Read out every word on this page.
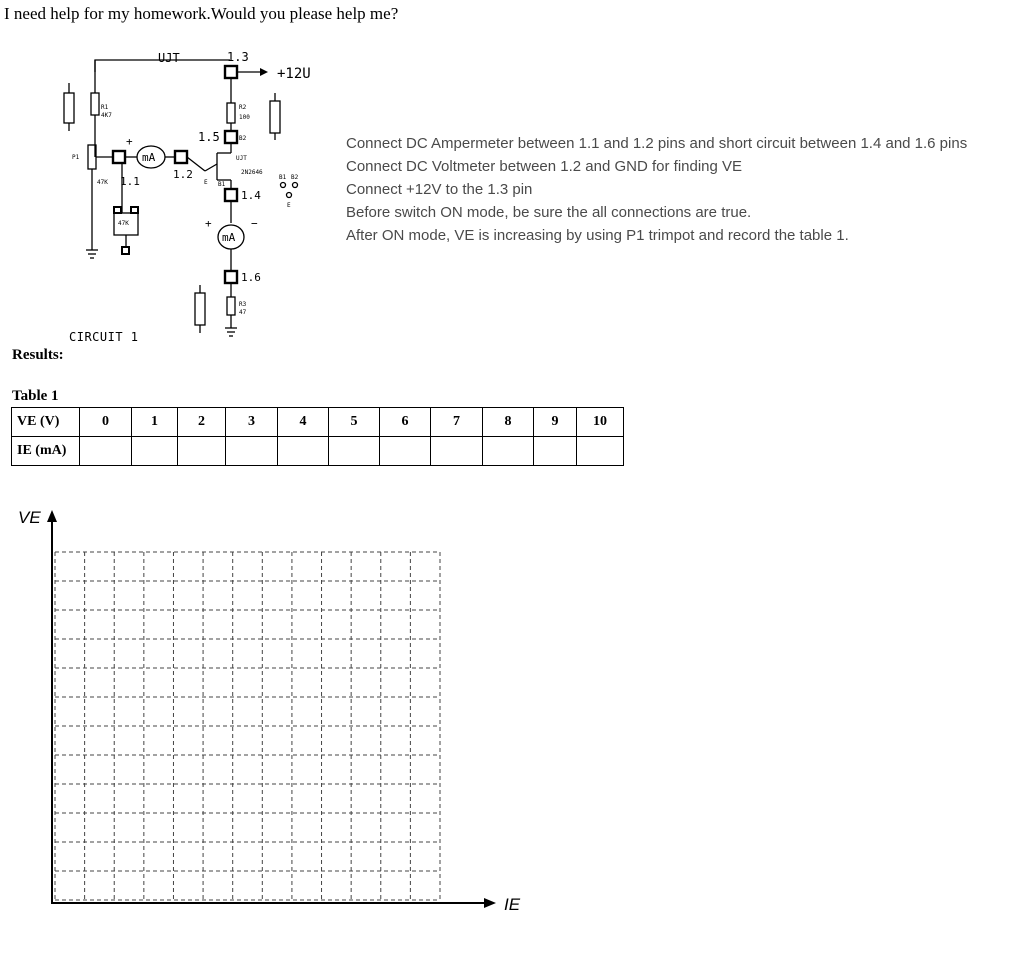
I need help for my homework.Would you please help me?
UJT	1.3
+12U
1.5
1.1
1.2
1.4
1.6
mA
mA
+
+	−
R1
4K7
P1
47K
R2
100
B2
UJT
2N2646
E B1
B1 B2
E
47K
R3
47
CIRCUIT 1
Connect DC Ampermeter between 1.1 and 1.2 pins and short circuit between 1.4 and 1.6 pins
Connect DC Voltmeter between 1.2 and GND for finding VE
Connect +12V to the 1.3 pin
Before switch ON mode, be sure the all connections are true.
After ON mode, VE is increasing by using P1 trimpot and record the table 1.
Results:
Table 1
VE (V)	0	1	2	3	4	5	6	7	8	9	10
IE (mA)											
VE
IE
